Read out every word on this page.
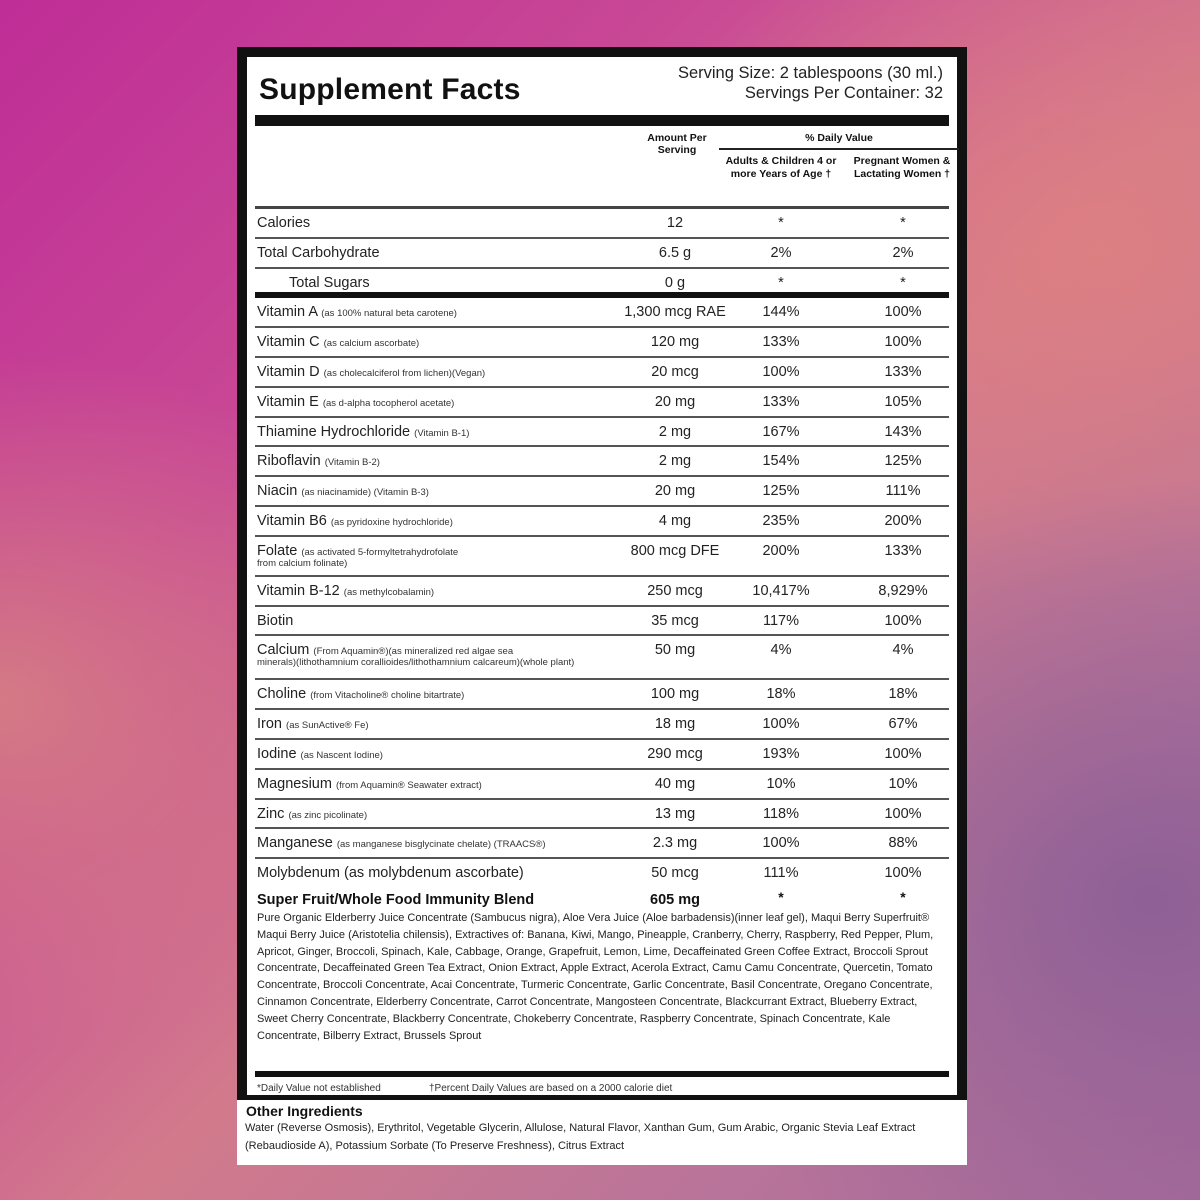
Supplement Facts	Serving Size: 2 tablespoons (30 ml.)
Servings Per Container: 32
Amount Per Serving
% Daily Value
Adults & Children 4 or more Years of Age †
Pregnant Women & Lactating Women †
Calories	12	*	*
Total Carbohydrate	6.5 g	2%	2%
Total Sugars	0 g	*	*
Vitamin A (as 100% natural beta carotene)	1,300 mcg RAE	144%	100%
Vitamin C (as calcium ascorbate)	120 mg	133%	100%
Vitamin D (as cholecalciferol from lichen)(Vegan)	20 mcg	100%	133%
Vitamin E (as d-alpha tocopherol acetate)	20 mg	133%	105%
Thiamine Hydrochloride (Vitamin B-1)	2 mg	167%	143%
Riboflavin (Vitamin B-2)	2 mg	154%	125%
Niacin (as niacinamide) (Vitamin B-3)	20 mg	125%	111%
Vitamin B6 (as pyridoxine hydrochloride)	4 mg	235%	200%
Folate (as activated 5-formyltetrahydrofolate
from calcium folinate)
800 mcg DFE	200%	133%
Vitamin B-12 (as methylcobalamin)	250 mcg	10,417%	8,929%
Biotin	35 mcg	117%	100%
Calcium (From Aquamin®)(as mineralized red algae sea
minerals)(lithothamnium corallioides/lithothamnium calcareum)(whole plant)
50 mg	4%	4%
Choline (from Vitacholine® choline bitartrate)	100 mg	18%	18%
Iron (as SunActive® Fe)	18 mg	100%	67%
Iodine (as Nascent Iodine)	290 mcg	193%	100%
Magnesium (from Aquamin® Seawater extract)	40 mg	10%	10%
Zinc (as zinc picolinate)	13 mg	118%	100%
Manganese (as manganese bisglycinate chelate) (TRAACS®)	2.3 mg	100%	88%
Molybdenum (as molybdenum ascorbate)	50 mcg	111%	100%
Super Fruit/Whole Food Immunity Blend	605 mg	*	*
Pure Organic Elderberry Juice Concentrate (Sambucus nigra), Aloe Vera Juice (Aloe barbadensis)(inner leaf gel), Maqui Berry Superfruit® Maqui Berry Juice (Aristotelia chilensis), Extractives of: Banana, Kiwi, Mango, Pineapple, Cranberry, Cherry, Raspberry, Red Pepper, Plum, Apricot, Ginger, Broccoli, Spinach, Kale, Cabbage, Orange, Grapefruit, Lemon, Lime, Decaffeinated Green Coffee Extract, Broccoli Sprout Concentrate, Decaffeinated Green Tea Extract, Onion Extract, Apple Extract, Acerola Extract, Camu Camu Concentrate, Quercetin, Tomato Concentrate, Broccoli Concentrate, Acai Concentrate, Turmeric Concentrate, Garlic Concentrate, Basil Concentrate, Oregano Concentrate, Cinnamon Concentrate, Elderberry Concentrate, Carrot Concentrate, Mangosteen Concentrate, Blackcurrant Extract, Blueberry Extract, Sweet Cherry Concentrate, Blackberry Concentrate, Chokeberry Concentrate, Raspberry Concentrate, Spinach Concentrate, Kale Concentrate, Bilberry Extract, Brussels Sprout
*Daily Value not established	†Percent Daily Values are based on a 2000 calorie diet
Other Ingredients
Water (Reverse Osmosis), Erythritol, Vegetable Glycerin, Allulose, Natural Flavor, Xanthan Gum, Gum Arabic, Organic Stevia Leaf Extract (Rebaudioside A), Potassium Sorbate (To Preserve Freshness), Citrus Extract
